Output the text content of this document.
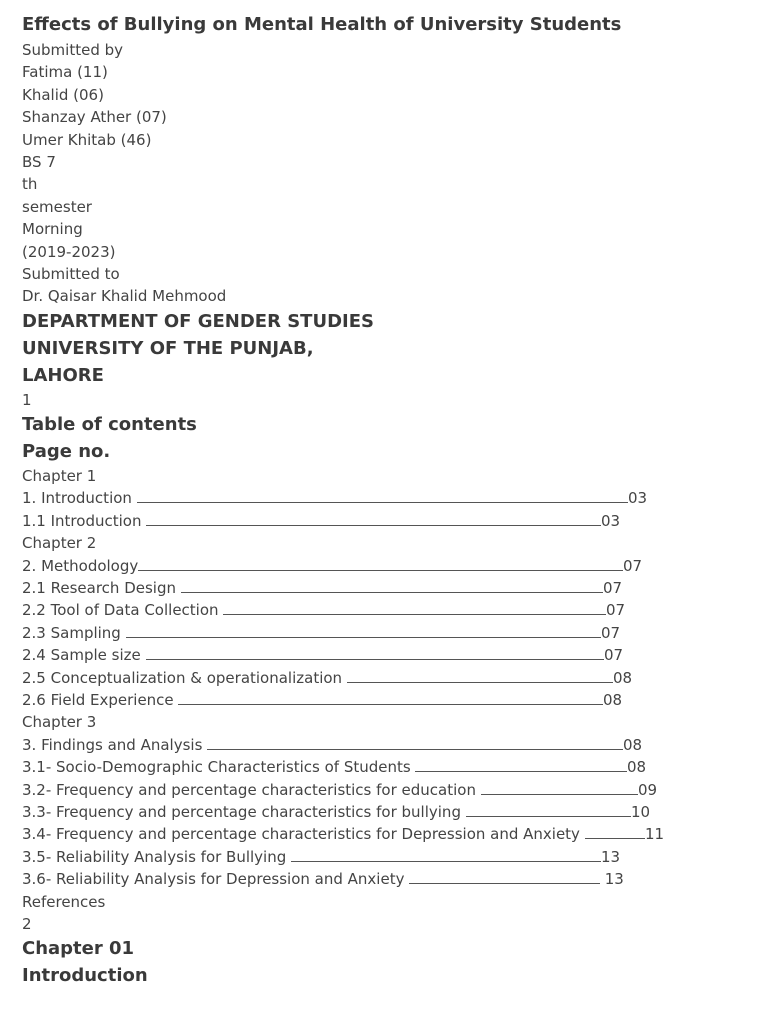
Effects of Bullying on Mental Health of University Students
Submitted by
Fatima (11)
Khalid (06)
Shanzay Ather (07)
Umer Khitab (46)
BS 7
th
semester
Morning
(2019-2023)
Submitted to
Dr. Qaisar Khalid Mehmood
DEPARTMENT OF GENDER STUDIES
UNIVERSITY OF THE PUNJAB,
LAHORE
1
Table of contents
Page no.
Chapter 1
1. Introduction	03
1.1 Introduction	03
Chapter 2
2. Methodology	07
2.1 Research Design	07
2.2 Tool of Data Collection	07
2.3 Sampling	07
2.4 Sample size	07
2.5 Conceptualization & operationalization	08
2.6 Field Experience	08
Chapter 3
3. Findings and Analysis	08
3.1- Socio-Demographic Characteristics of Students	08
3.2- Frequency and percentage characteristics for education	09
3.3- Frequency and percentage characteristics for bullying	10
3.4- Frequency and percentage characteristics for Depression and Anxiety	11
3.5- Reliability Analysis for Bullying	13
3.6- Reliability Analysis for Depression and Anxiety	13
References
2
Chapter 01
Introduction
